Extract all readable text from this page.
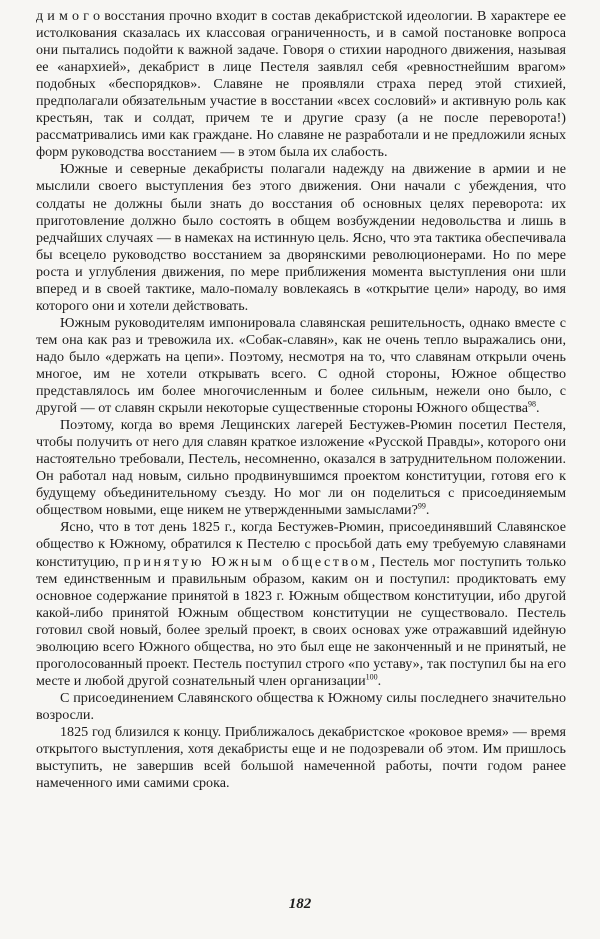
д и м о г о восстания прочно входит в состав декабристской идеологии. В характере ее истолкования сказалась их классовая ограниченность, и в самой постановке вопроса они пытались подойти к важной задаче. Говоря о стихии народного движения, называя ее «анархией», декабрист в лице Пестеля заявлял себя «ревностнейшим врагом» подобных «беспорядков». Славяне не проявляли страха перед этой стихией, предполагали обязательным участие в восстании «всех сословий» и активную роль как крестьян, так и солдат, причем те и другие сразу (а не после переворота!) рассматривались ими как граждане. Но славяне не разработали и не предложили ясных форм руководства восстанием — в этом была их слабость.

Южные и северные декабристы полагали надежду на движение в армии и не мыслили своего выступления без этого движения. Они начали с убеждения, что солдаты не должны были знать до восстания об основных целях переворота: их приготовление должно было состоять в общем возбуждении недовольства и лишь в редчайших случаях — в намеках на истинную цель. Ясно, что эта тактика обеспечивала бы всецело руководство восстанием за дворянскими революционерами. Но по мере роста и углубления движения, по мере приближения момента выступления они шли вперед и в своей тактике, мало-помалу вовлекаясь в «открытие цели» народу, во имя которого они и хотели действовать.

Южным руководителям импонировала славянская решительность, однако вместе с тем она как раз и тревожила их. «Собак-славян», как не очень тепло выражались они, надо было «держать на цепи». Поэтому, несмотря на то, что славянам открыли очень многое, им не хотели открывать всего. С одной стороны, Южное общество представлялось им более многочисленным и более сильным, нежели оно было, с другой — от славян скрыли некоторые существенные стороны Южного общества$^{98}$.

Поэтому, когда во время Лещинских лагерей Бестужев-Рюмин посетил Пестеля, чтобы получить от него для славян краткое изложение «Русской Правды», которого они настоятельно требовали, Пестель, несомненно, оказался в затруднительном положении. Он работал над новым, сильно продвинувшимся проектом конституции, готовя его к будущему объединительному съезду. Но мог ли он поделиться с присоединяемым обществом новыми, еще никем не утвержденными замыслами?$^{99}$.

Ясно, что в тот день 1825 г., когда Бестужев-Рюмин, присоединявший Славянское общество к Южному, обратился к Пестелю с просьбой дать ему требуемую славянами конституцию, принятую Южным обществом, Пестель мог поступить только тем единственным и правильным образом, каким он и поступил: продиктовать ему основное содержание принятой в 1823 г. Южным обществом конституции, ибо другой какой-либо принятой Южным обществом конституции не существовало. Пестель готовил свой новый, более зрелый проект, в своих основах уже отражавший идейную эволюцию всего Южного общества, но это был еще не законченный и не принятый, не проголосованный проект. Пестель поступил строго «по уставу», так поступил бы на его месте и любой другой сознательный член организации$^{100}$.

С присоединением Славянского общества к Южному силы последнего значительно возросли.

1825 год близился к концу. Приближалось декабристское «роковое время» — время открытого выступления, хотя декабристы еще и не подозревали об этом. Им пришлось выступить, не завершив всей большой намеченной работы, почти годом ранее намеченного ими самими срока.

182
